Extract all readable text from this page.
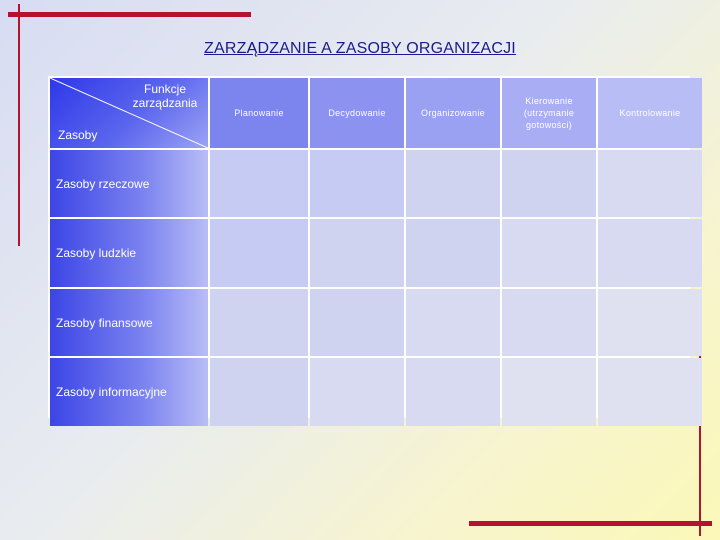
ZARZĄDZANIE A ZASOBY ORGANIZACJI
Funkcje zarządzania
Zasoby
Planowanie	Decydowanie	Organizowanie
Kierowanie (utrzymanie gotowości)
Kontrolowanie
Zasoby rzeczowe
Zasoby ludzkie
Zasoby finansowe
Zasoby informacyjne
